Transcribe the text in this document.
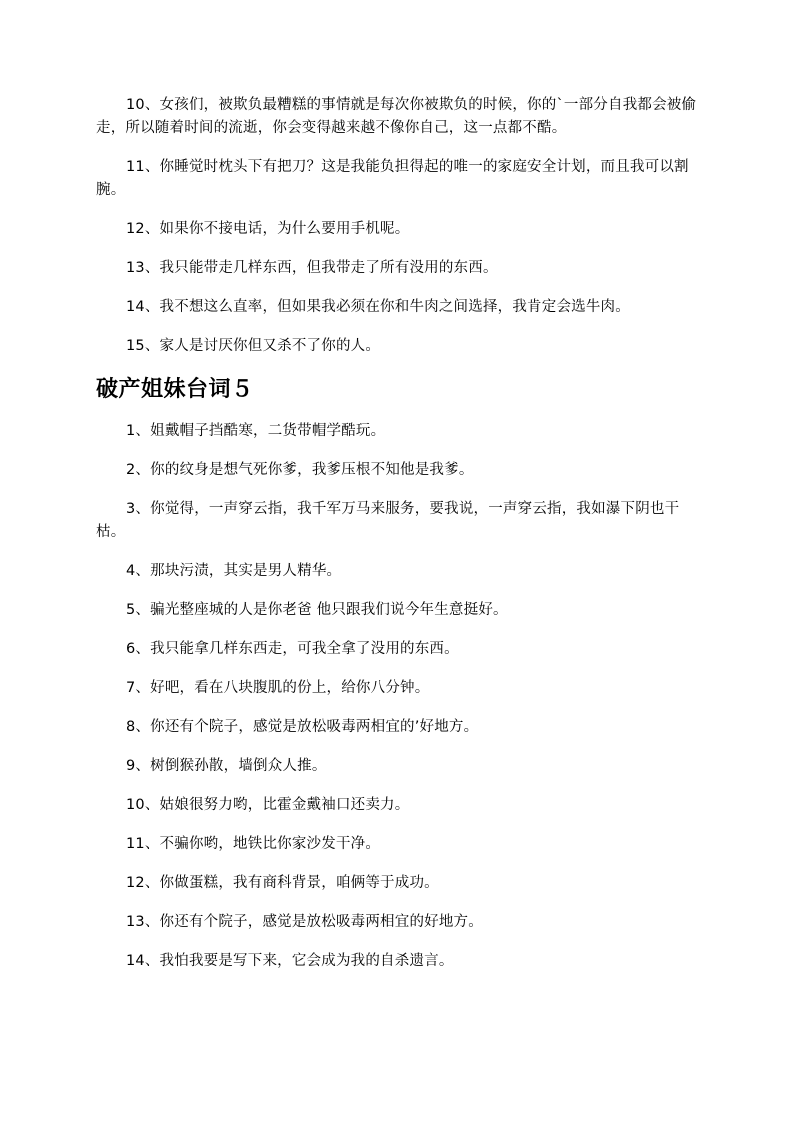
10、女孩们，被欺负最糟糕的事情就是每次你被欺负的时候，你的`一部分自我都会被偷走，所以随着时间的流逝，你会变得越来越不像你自己，这一点都不酷。

11、你睡觉时枕头下有把刀？这是我能负担得起的唯一的家庭安全计划，而且我可以割腕。

12、如果你不接电话，为什么要用手机呢。

13、我只能带走几样东西，但我带走了所有没用的东西。

14、我不想这么直率，但如果我必须在你和牛肉之间选择，我肯定会选牛肉。

15、家人是讨厌你但又杀不了你的人。

破产姐妹台词５

1、姐戴帽子挡酷寒，二货带帽学酷玩。

2、你的纹身是想气死你爹，我爹压根不知他是我爹。

3、你觉得，一声穿云指，我千军万马来服务，要我说，一声穿云指，我如瀑下阴也干枯。

4、那块污渍，其实是男人精华。

5、骗光整座城的人是你老爸 他只跟我们说今年生意挺好。

6、我只能拿几样东西走，可我全拿了没用的东西。

7、好吧，看在八块腹肌的份上，给你八分钟。

8、你还有个院子，感觉是放松吸毒两相宜的’好地方。

9、树倒猴孙散，墙倒众人推。

10、姑娘很努力哟，比霍金戴袖口还卖力。

11、不骗你哟，地铁比你家沙发干净。

12、你做蛋糕，我有商科背景，咱俩等于成功。

13、你还有个院子，感觉是放松吸毒两相宜的好地方。

14、我怕我要是写下来，它会成为我的自杀遗言。
